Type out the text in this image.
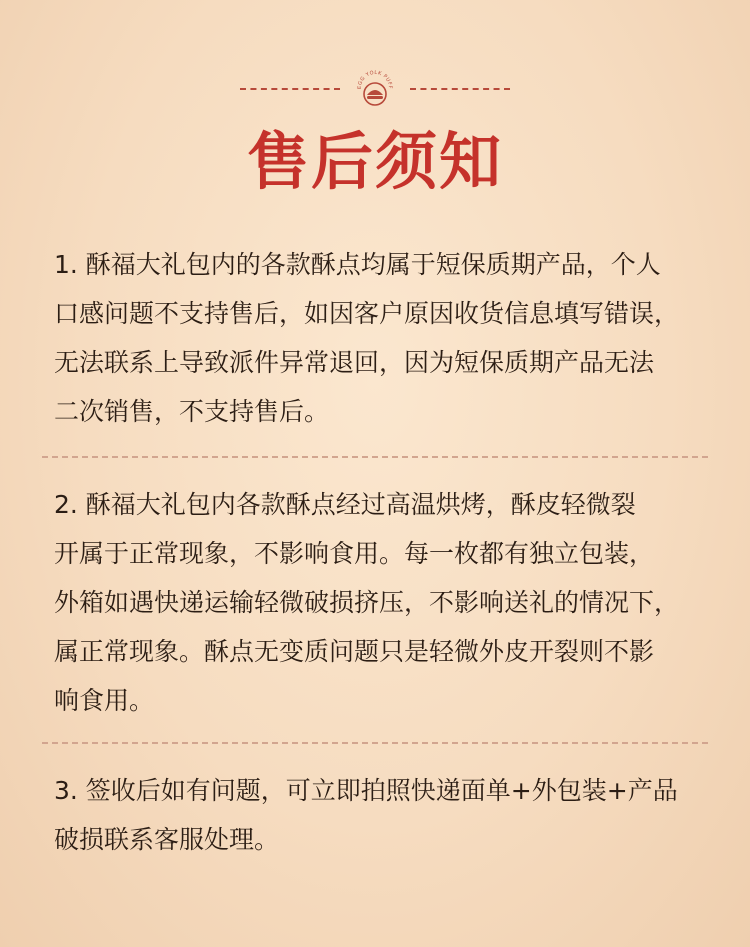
EGG YOLK PUFF
售后须知

1. 酥福大礼包内的各款酥点均属于短保质期产品，个人

口感问题不支持售后，如因客户原因收货信息填写错误，

无法联系上导致派件异常退回，因为短保质期产品无法

二次销售，不支持售后。

2. 酥福大礼包内各款酥点经过高温烘烤，酥皮轻微裂

开属于正常现象，不影响食用。每一枚都有独立包装，

外箱如遇快递运输轻微破损挤压，不影响送礼的情况下，

属正常现象。酥点无变质问题只是轻微外皮开裂则不影

响食用。

3. 签收后如有问题，可立即拍照快递面单+外包装+产品

破损联系客服处理。
